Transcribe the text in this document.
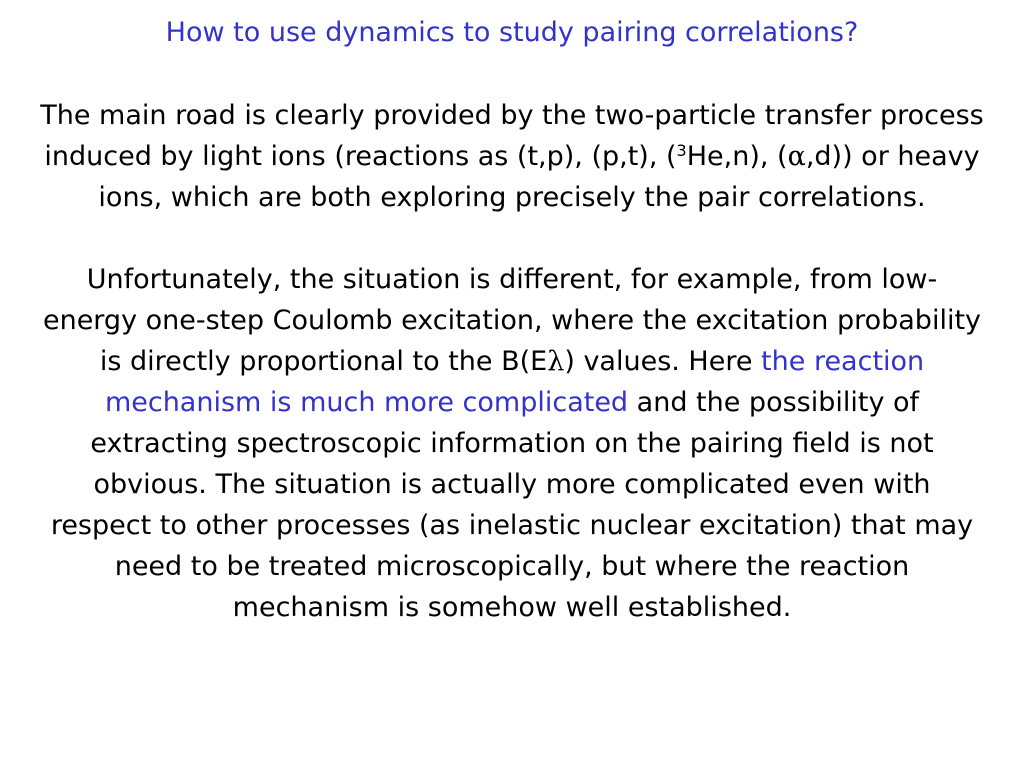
How to use dynamics to study pairing correlations?

The main road is clearly provided by the two-particle transfer process induced by light ions (reactions as (t,p), (p,t), ($^3$He,n), (α,d)) or heavy ions, which are both exploring precisely the pair correlations.

Unfortunately, the situation is different, for example, from low-energy one-step Coulomb excitation, where the excitation probability is directly proportional to the B(Eλ) values. Here the reaction mechanism is much more complicated and the possibility of extracting spectroscopic information on the pairing field is not obvious. The situation is actually more complicated even with respect to other processes (as inelastic nuclear excitation) that may need to be treated microscopically, but where the reaction mechanism is somehow well established.
